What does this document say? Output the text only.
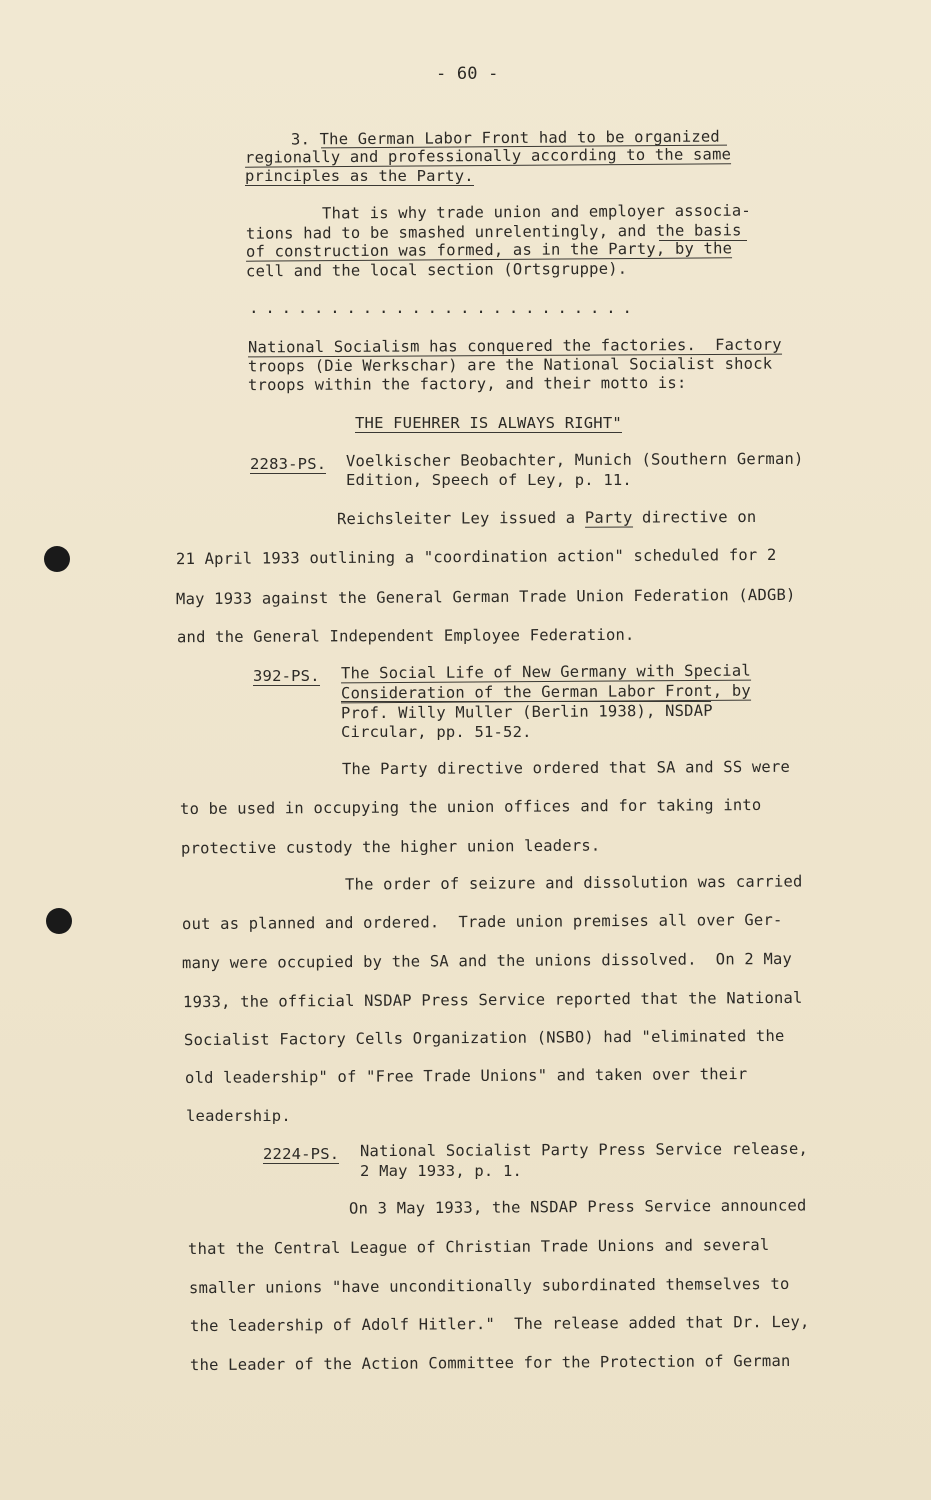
- 60 -
3. The German Labor Front had to be organized
regionally and professionally according to the same
principles as the Party.
That is why trade union and employer associa-
tions had to be smashed unrelentingly, and the basis
of construction was formed, as in the Party, by the
cell and the local section (Ortsgruppe).
........................
National Socialism has conquered the factories.  Factory
troops (Die Werkschar) are the National Socialist shock
troops within the factory, and their motto is:
THE FUEHRER IS ALWAYS RIGHT"
2283-PS. Voelkischer Beobachter, Munich (Southern German)
Edition, Speech of Ley, p. 11.
Reichsleiter Ley issued a Party directive on
21 April 1933 outlining a "coordination action" scheduled for 2
May 1933 against the General German Trade Union Federation (ADGB)
and the General Independent Employee Federation.
392-PS. The Social Life of New Germany with Special
Consideration of the German Labor Front, by
Prof. Willy Muller (Berlin 1938), NSDAP
Circular, pp. 51-52.
The Party directive ordered that SA and SS were
to be used in occupying the union offices and for taking into
protective custody the higher union leaders.
The order of seizure and dissolution was carried
out as planned and ordered.  Trade union premises all over Ger-
many were occupied by the SA and the unions dissolved.  On 2 May
1933, the official NSDAP Press Service reported that the National
Socialist Factory Cells Organization (NSBO) had "eliminated the
old leadership" of "Free Trade Unions" and taken over their
leadership.
2224-PS. National Socialist Party Press Service release,
2 May 1933, p. 1.
On 3 May 1933, the NSDAP Press Service announced
that the Central League of Christian Trade Unions and several
smaller unions "have unconditionally subordinated themselves to
the leadership of Adolf Hitler."  The release added that Dr. Ley,
the Leader of the Action Committee for the Protection of German
